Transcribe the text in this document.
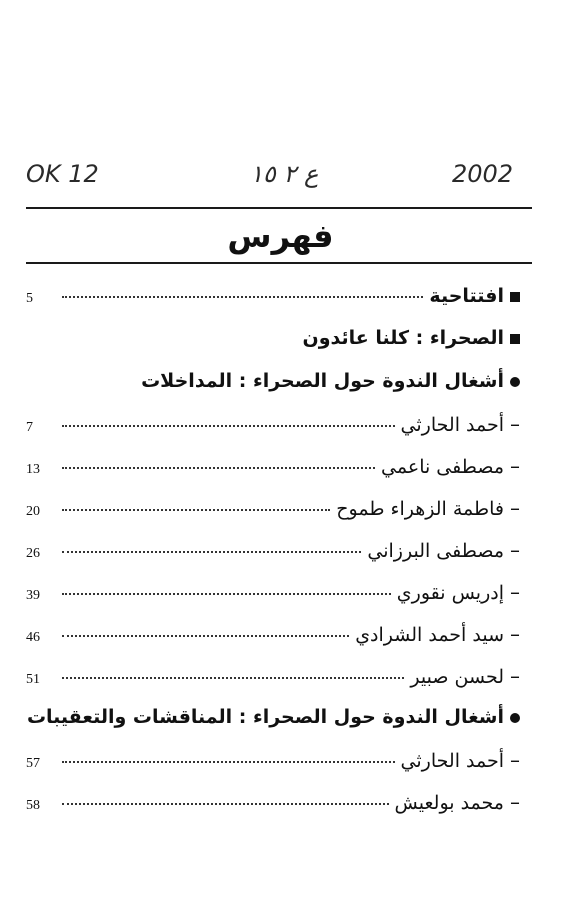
OK 12	ع ٢ ١٥	2002
فهرس
افتتاحية
5
الصحراء : كلنا عائدون
أشغال الندوة حول الصحراء : المداخلات
–
أحمد الحارثي
7
–
مصطفى ناعمي
13
–
فاطمة الزهراء طموح
20
–
مصطفى البرزاني
26
–
إدريس نقوري
39
–
سيد أحمد الشرادي
46
–
لحسن صبير
51
أشغال الندوة حول الصحراء : المناقشات والتعقيبات
–
أحمد الحارثي
57
–
محمد بولعيش
58
